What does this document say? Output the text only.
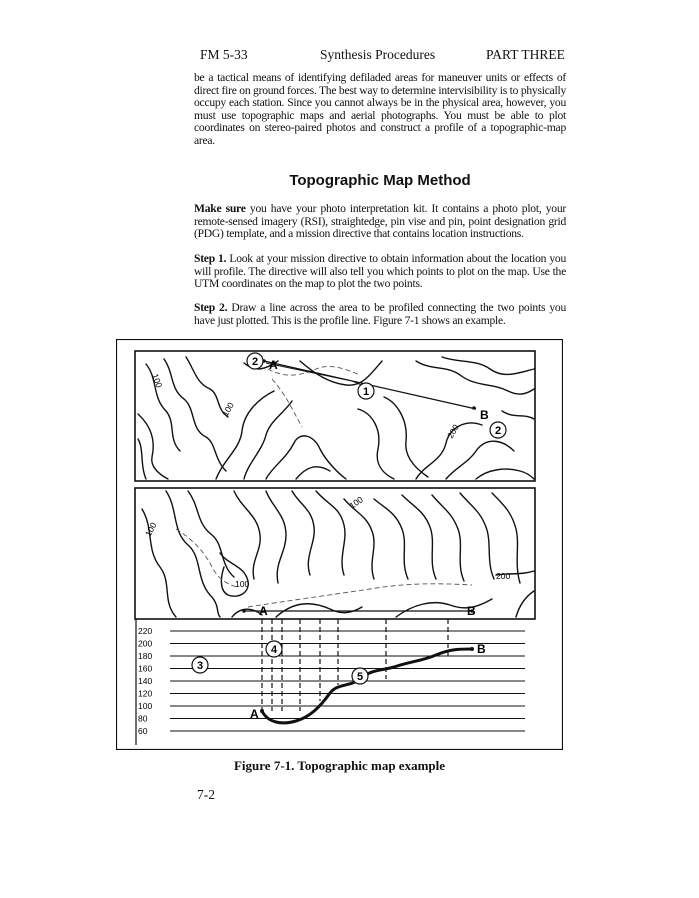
FM 5-33	Synthesis Procedures	PART THREE
be a tactical means of identifying defiladed areas for maneuver units or effects of direct fire on ground forces. The best way to determine intervisibility is to physically occupy each station. Since you cannot always be in the physical area, however, you must use topographic maps and aerial photographs. You must be able to plot coordinates on stereo-paired photos and construct a profile of a topographic-map area.
Topographic Map Method
Make sure you have your photo interpretation kit. It contains a photo plot, your remote-sensed imagery (RSI), straightedge, pin vise and pin, point designation grid (PDG) template, and a mission directive that contains location instructions.
Step 1. Look at your mission directive to obtain information about the location you will profile. The directive will also tell you which points to plot on the map. Use the UTM coordinates on the map to plot the two points.
Step 2. Draw a line across the area to be profiled connecting the two points you have just plotted. This is the profile line. Figure 7-1 shows an example.
A
B
2
1
2
100
100
200
A	B
100
100
100
200
220
200
180
160
140
120
100
80
60
A
B
3
4
5
Figure 7-1. Topographic map example
7-2
